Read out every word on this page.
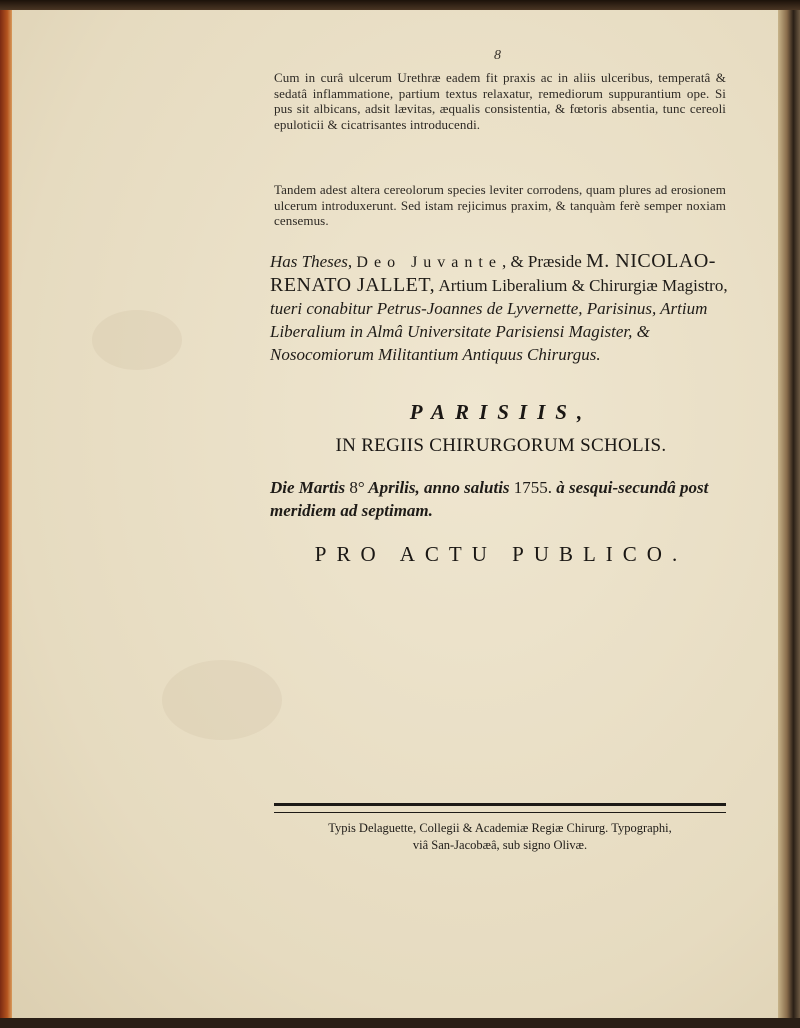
8
Cum in curâ ulcerum Urethræ eadem fit praxis ac in aliis ulceribus, temperatâ & sedatâ inflammatione, partium textus relaxatur, remediorum suppurantium ope. Si pus sit albicans, adsit lævitas, æqualis consistentia, & fœtoris absentia, tunc cereoli epuloticii & cicatrisantes introducendi.
Tandem adest altera cereolorum species leviter corrodens, quam plures ad erosionem ulcerum introduxerunt. Sed istam rejicimus praxim, & tanquàm ferè semper noxiam censemus.
Has Theses, Deo Juvante, & Præside M. NICOLAO-RENATO JALLET, Artium Liberalium & Chirurgiæ Magistro, tueri conabitur Petrus-Joannes de Lyvernette, Parisinus, Artium Liberalium in Almâ Universitate Parisiensi Magister, & Nosocomiorum Militantium Antiquus Chirurgus.
PARISIIS,
IN REGIIS CHIRURGORUM SCHOLIS.
Die Martis 8° Aprilis, anno salutis 1755. à sesqui-secundâ post meridiem ad septimam.
PRO ACTU PUBLICO.
Typis Delaguette, Collegii & Academiæ Regiæ Chirurg. Typographi,
viâ San-Jacobæâ, sub signo Olivæ.
